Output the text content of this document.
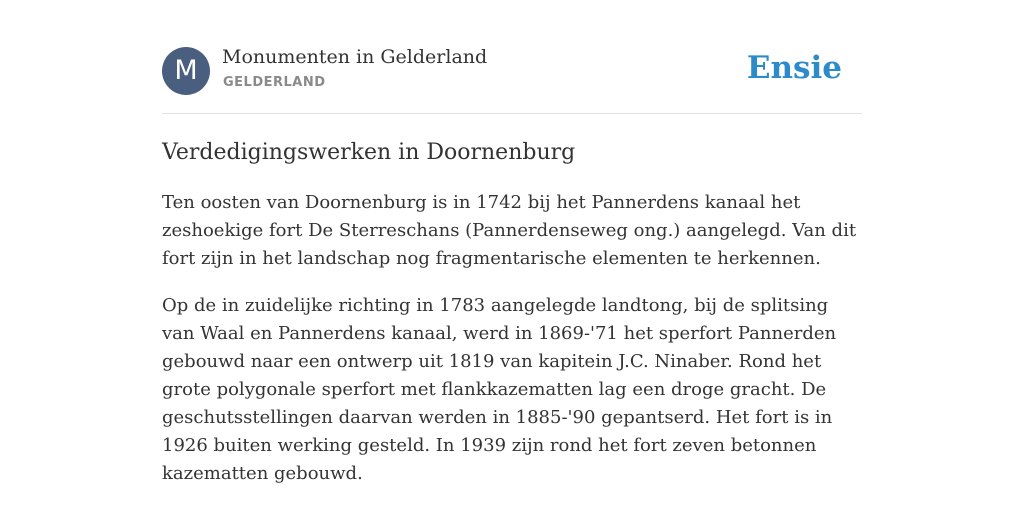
M	Monumenten in Gelderland
GELDERLAND	Ensie
Verdedigingswerken in Doornenburg

Ten oosten van Doornenburg is in 1742 bij het Pannerdens kanaal het zeshoekige fort De Sterreschans (Pannerdenseweg ong.) aangelegd. Van dit fort zijn in het landschap nog fragmentarische elementen te herkennen.

Op de in zuidelijke richting in 1783 aangelegde landtong, bij de splitsing van Waal en Pannerdens kanaal, werd in 1869-'71 het sperfort Pannerden gebouwd naar een ontwerp uit 1819 van kapitein J.C. Ninaber. Rond het grote polygonale sperfort met flankkazematten lag een droge gracht. De geschutsstellingen daarvan werden in 1885-'90 gepantserd. Het fort is in 1926 buiten werking gesteld. In 1939 zijn rond het fort zeven betonnen kazematten gebouwd.
